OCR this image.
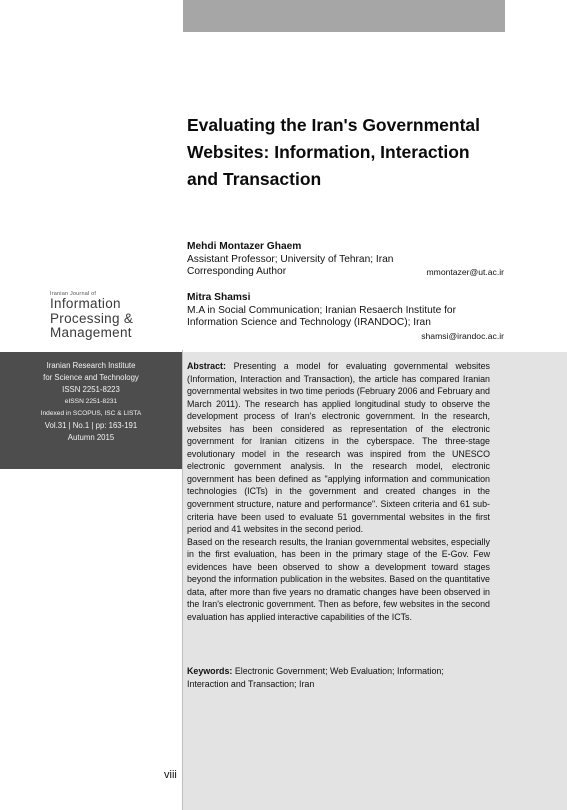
Evaluating the Iran's Governmental Websites: Information, Interaction and Transaction
Mehdi Montazer Ghaem
Assistant Professor; University of Tehran; Iran
Corresponding Author	mmontazer@ut.ac.ir
Mitra Shamsi
M.A in Social Communication; Iranian Resaerch Institute for
Information Science and Technology (IRANDOC); Iran
shamsi@irandoc.ac.ir
Iranian Journal of
Information
Processing &
Management
Iranian Research Institute
for Science and Technology
ISSN 2251-8223
eISSN 2251-8231
Indexed in SCOPUS, ISC & LISTA
Vol.31 | No.1 | pp: 163-191
Autumn 2015

Abstract: Presenting a model for evaluating governmental websites (Information, Interaction and Transaction), the article has compared Iranian governmental websites in two time periods (February 2006 and February and March 2011). The research has applied longitudinal study to observe the development process of Iran's electronic government. In the research, websites has been considered as representation of the electronic government for Iranian citizens in the cyberspace. The three-stage evolutionary model in the research was inspired from the UNESCO electronic government analysis. In the research model, electronic government has been defined as "applying information and communication technologies (ICTs) in the government and created changes in the government structure, nature and performance". Sixteen criteria and 61 sub-criteria have been used to evaluate 51 governmental websites in the first period and 41 websites in the second period.

Based on the research results, the Iranian governmental websites, especially in the first evaluation, has been in the primary stage of the E-Gov. Few evidences have been observed to show a development toward stages beyond the information publication in the websites. Based on the quantitative data, after more than five years no dramatic changes have been observed in the Iran's electronic government. Then as before, few websites in the second evaluation has applied interactive capabilities of the ICTs.

Keywords: Electronic Government; Web Evaluation; Information; Interaction and Transaction; Iran
viii
